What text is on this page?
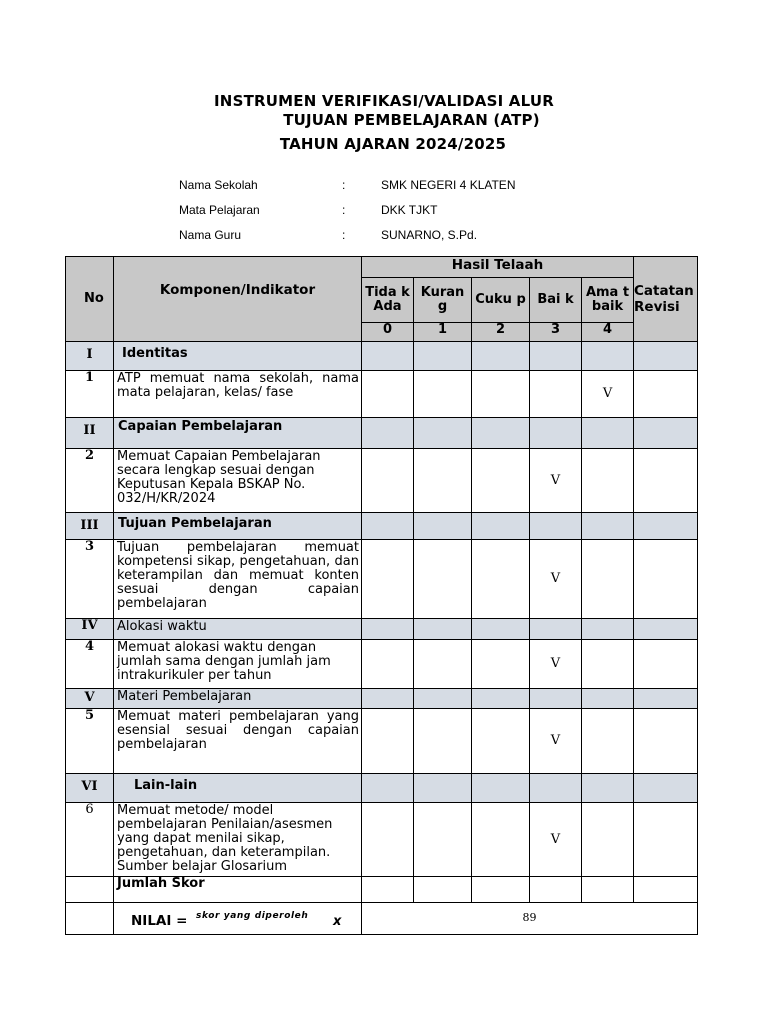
INSTRUMEN VERIFIKASI/VALIDASI ALUR
TUJUAN PEMBELAJARAN (ATP)
TAHUN AJARAN 2024/2025
Nama Sekolah	:	SMK NEGERI 4 KLATEN
Mata Pelajaran	:	DKK TJKT
Nama Guru	:	SUNARNO, S.Pd.
No	Komponen/Indikator	Hasil Telaah					Catatan Revisi
		Tida k Ada	Kuran g	Cuku p	Bai k	Ama t baik	
		0	1	2	3	4	
I	Identitas						
1	ATP memuat nama sekolah, nama mata pelajaran, kelas/ fase					V	
II	Capaian Pembelajaran						
2	Memuat Capaian Pembelajaran secara lengkap sesuai dengan Keputusan Kepala BSKAP No. 032/H/KR/2024				V		
III	Tujuan Pembelajaran						
3	Tujuan pembelajaran memuat kompetensi sikap, pengetahuan, dan keterampilan dan memuat konten sesuai dengan capaian pembelajaran				V		
IV	Alokasi waktu						
4	Memuat alokasi waktu dengan jumlah sama dengan jumlah jam intrakurikuler per tahun				V		
V	Materi Pembelajaran						
5	Memuat materi pembelajaran yang esensial sesuai dengan capaian pembelajaran				V		
VI	Lain-lain						
6	Memuat metode/ model pembelajaran Penilaian/asesmen yang dapat menilai sikap, pengetahuan, dan keterampilan. Sumber belajar Glosarium				V		
	Jumlah Skor						

	NILAI = skor yang diperoleh x	89					
